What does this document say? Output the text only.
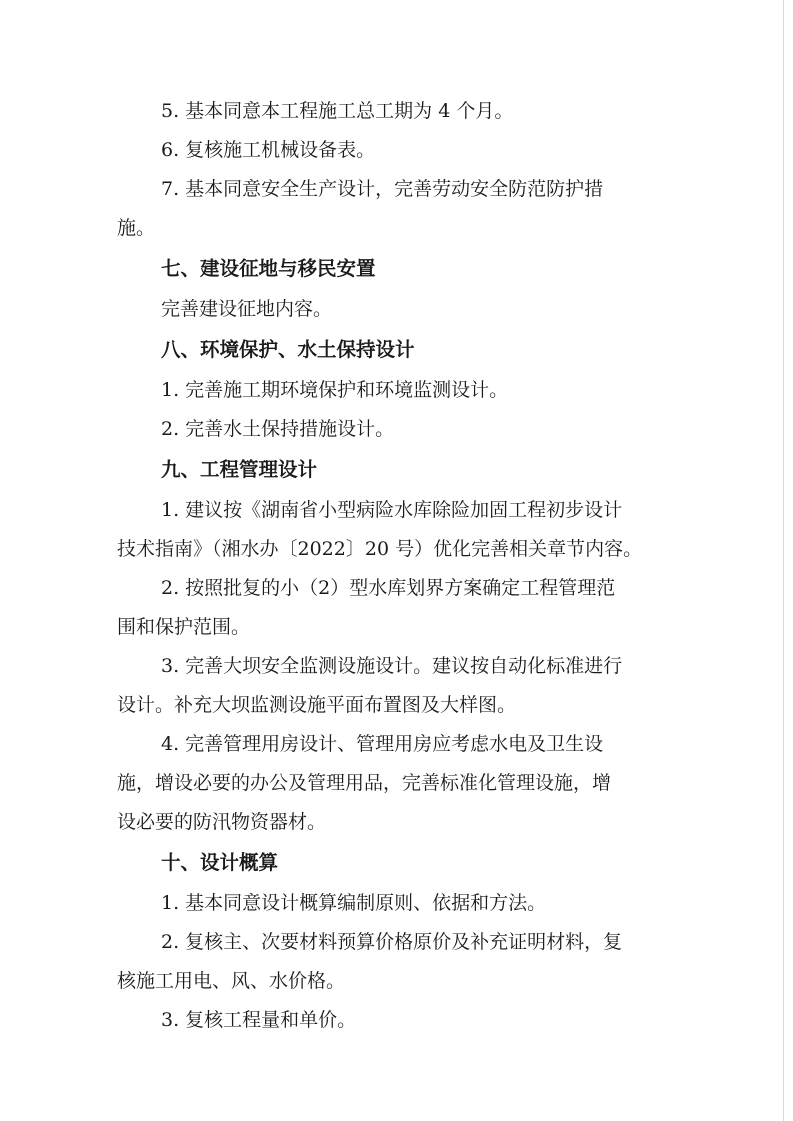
5. 基本同意本工程施工总工期为 4 个月。

6. 复核施工机械设备表。

7. 基本同意安全生产设计，完善劳动安全防范防护措

施。

七、建设征地与移民安置

完善建设征地内容。

八、环境保护、水土保持设计

1. 完善施工期环境保护和环境监测设计。

2. 完善水土保持措施设计。

九、工程管理设计

1. 建议按《湖南省小型病险水库除险加固工程初步设计

技术指南》（湘水办〔2022〕20 号）优化完善相关章节内容。

2. 按照批复的小（2）型水库划界方案确定工程管理范

围和保护范围。

3. 完善大坝安全监测设施设计。建议按自动化标准进行

设计。补充大坝监测设施平面布置图及大样图。

4. 完善管理用房设计、管理用房应考虑水电及卫生设

施，增设必要的办公及管理用品，完善标准化管理设施，增

设必要的防汛物资器材。

十、设计概算

1. 基本同意设计概算编制原则、依据和方法。

2. 复核主、次要材料预算价格原价及补充证明材料，复

核施工用电、风、水价格。

3. 复核工程量和单价。
